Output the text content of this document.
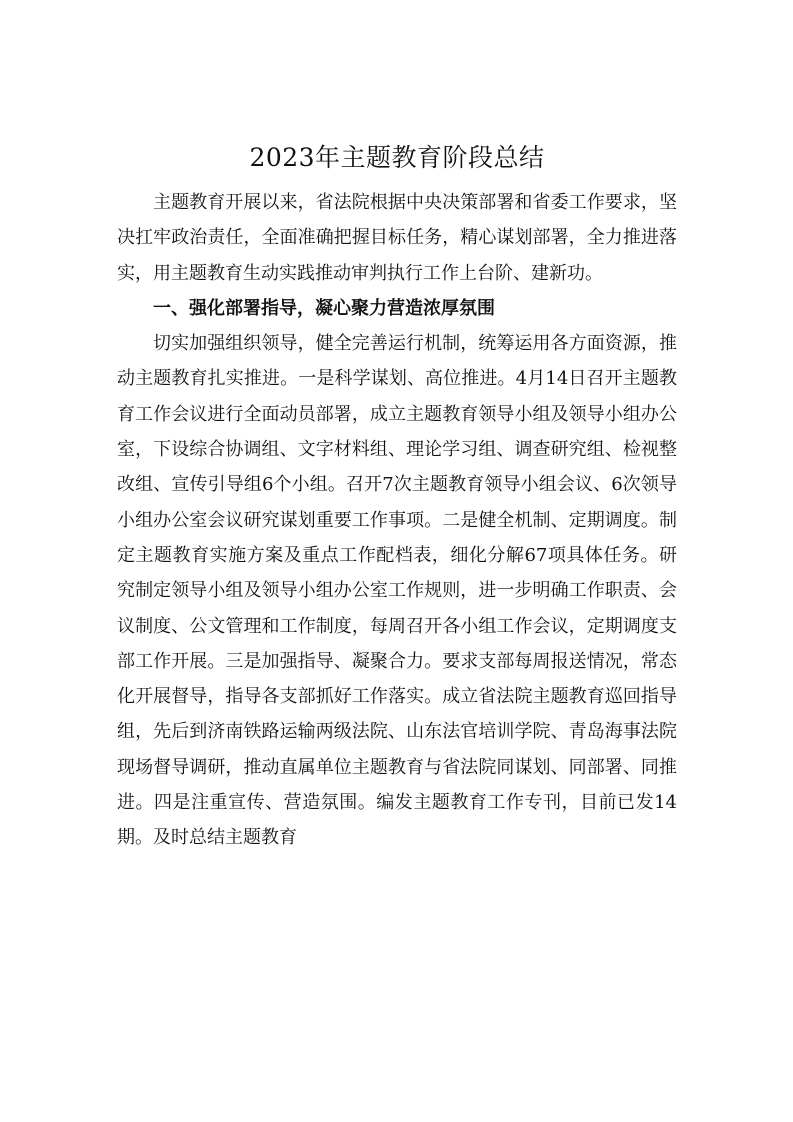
2023年主题教育阶段总结

主题教育开展以来，省法院根据中央决策部署和省委工作要求，坚决扛牢政治责任，全面准确把握目标任务，精心谋划部署，全力推进落实，用主题教育生动实践推动审判执行工作上台阶、建新功。

一、强化部署指导，凝心聚力营造浓厚氛围

切实加强组织领导，健全完善运行机制，统筹运用各方面资源，推动主题教育扎实推进。一是科学谋划、高位推进。4月14日召开主题教育工作会议进行全面动员部署，成立主题教育领导小组及领导小组办公室，下设综合协调组、文字材料组、理论学习组、调查研究组、检视整改组、宣传引导组6个小组。召开7次主题教育领导小组会议、6次领导小组办公室会议研究谋划重要工作事项。二是健全机制、定期调度。制定主题教育实施方案及重点工作配档表，细化分解67项具体任务。研究制定领导小组及领导小组办公室工作规则，进一步明确工作职责、会议制度、公文管理和工作制度，每周召开各小组工作会议，定期调度支部工作开展。三是加强指导、凝聚合力。要求支部每周报送情况，常态化开展督导，指导各支部抓好工作落实。成立省法院主题教育巡回指导组，先后到济南铁路运输两级法院、山东法官培训学院、青岛海事法院现场督导调研，推动直属单位主题教育与省法院同谋划、同部署、同推进。四是注重宣传、营造氛围。编发主题教育工作专刊，目前已发14期。及时总结主题教育
